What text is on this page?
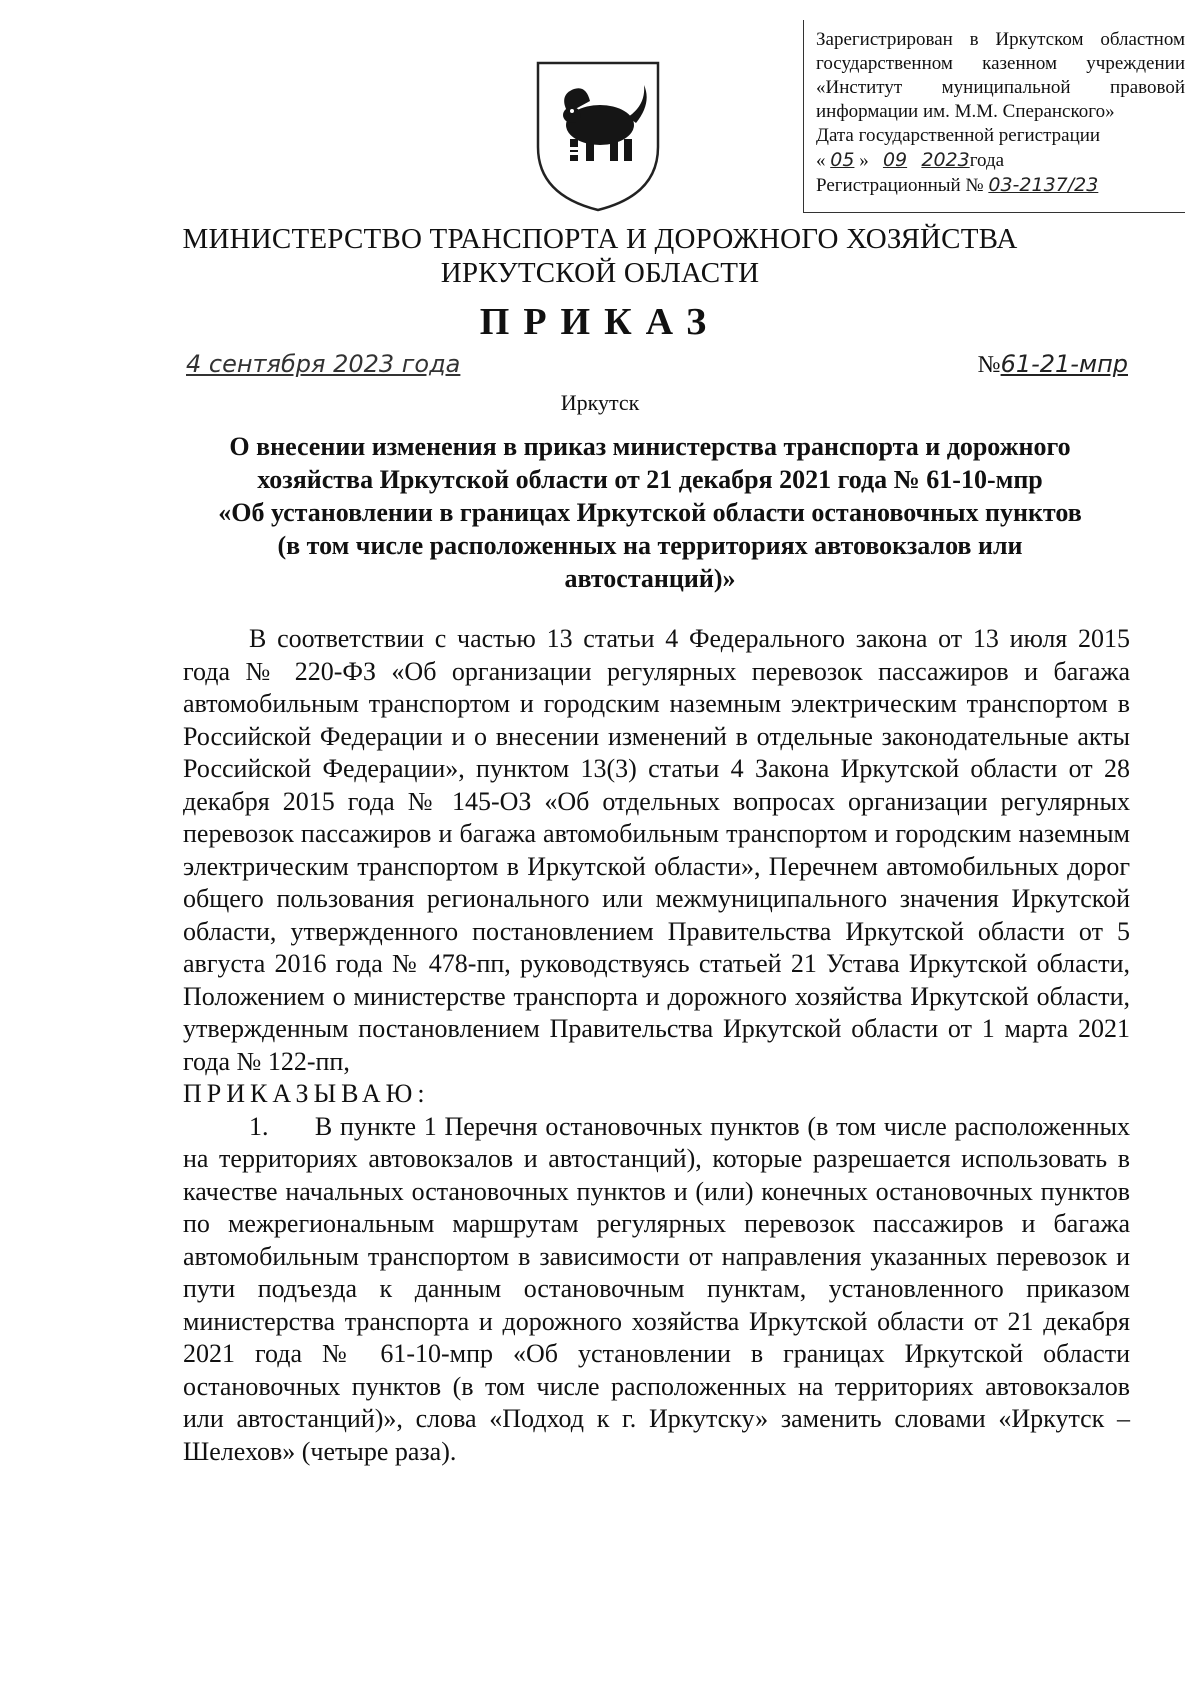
Зарегистрирован в Иркутском областном
государственном казенном учреждении
«Институт муниципальной правовой
информации им. М.М. Сперанского»
Дата государственной регистрации
« 05 » 09 2023года
Регистрационный № 03-2137/23
МИНИСТЕРСТВО ТРАНСПОРТА И ДОРОЖНОГО ХОЗЯЙСТВА
ИРКУТСКОЙ ОБЛАСТИ
ПРИКАЗ
4 сентября 2023 года	№61-21-мпр
Иркутск
О внесении изменения в приказ министерства транспорта и дорожного
хозяйства Иркутской области от 21 декабря 2021 года № 61-10-мпр
«Об установлении в границах Иркутской области остановочных пунктов
(в том числе расположенных на территориях автовокзалов или
автостанций)»

В соответствии с частью 13 статьи 4 Федерального закона от 13 июля 2015 года № 220-ФЗ «Об организации регулярных перевозок пассажиров и багажа автомобильным транспортом и городским наземным электрическим транспортом в Российской Федерации и о внесении изменений в отдельные законодательные акты Российской Федерации», пунктом 13(3) статьи 4 Закона Иркутской области от 28 декабря 2015 года № 145-ОЗ «Об отдельных вопросах организации регулярных перевозок пассажиров и багажа автомобильным транспортом и городским наземным электрическим транспортом в Иркутской области», Перечнем автомобильных дорог общего пользования регионального или межмуниципального значения Иркутской области, утвержденного постановлением Правительства Иркутской области от 5 августа 2016 года № 478-пп, руководствуясь статьей 21 Устава Иркутской области, Положением о министерстве транспорта и дорожного хозяйства Иркутской области, утвержденным постановлением Правительства Иркутской области от 1 марта 2021 года № 122-пп,

ПРИКАЗЫВАЮ:

1. В пункте 1 Перечня остановочных пунктов (в том числе расположенных на территориях автовокзалов и автостанций), которые разрешается использовать в качестве начальных остановочных пунктов и (или) конечных остановочных пунктов по межрегиональным маршрутам регулярных перевозок пассажиров и багажа автомобильным транспортом в зависимости от направления указанных перевозок и пути подъезда к данным остановочным пунктам, установленного приказом министерства транспорта и дорожного хозяйства Иркутской области от 21 декабря 2021 года № 61-10-мпр «Об установлении в границах Иркутской области остановочных пунктов (в том числе расположенных на территориях автовокзалов или автостанций)», слова «Подход к г. Иркутску» заменить словами «Иркутск – Шелехов» (четыре раза).
